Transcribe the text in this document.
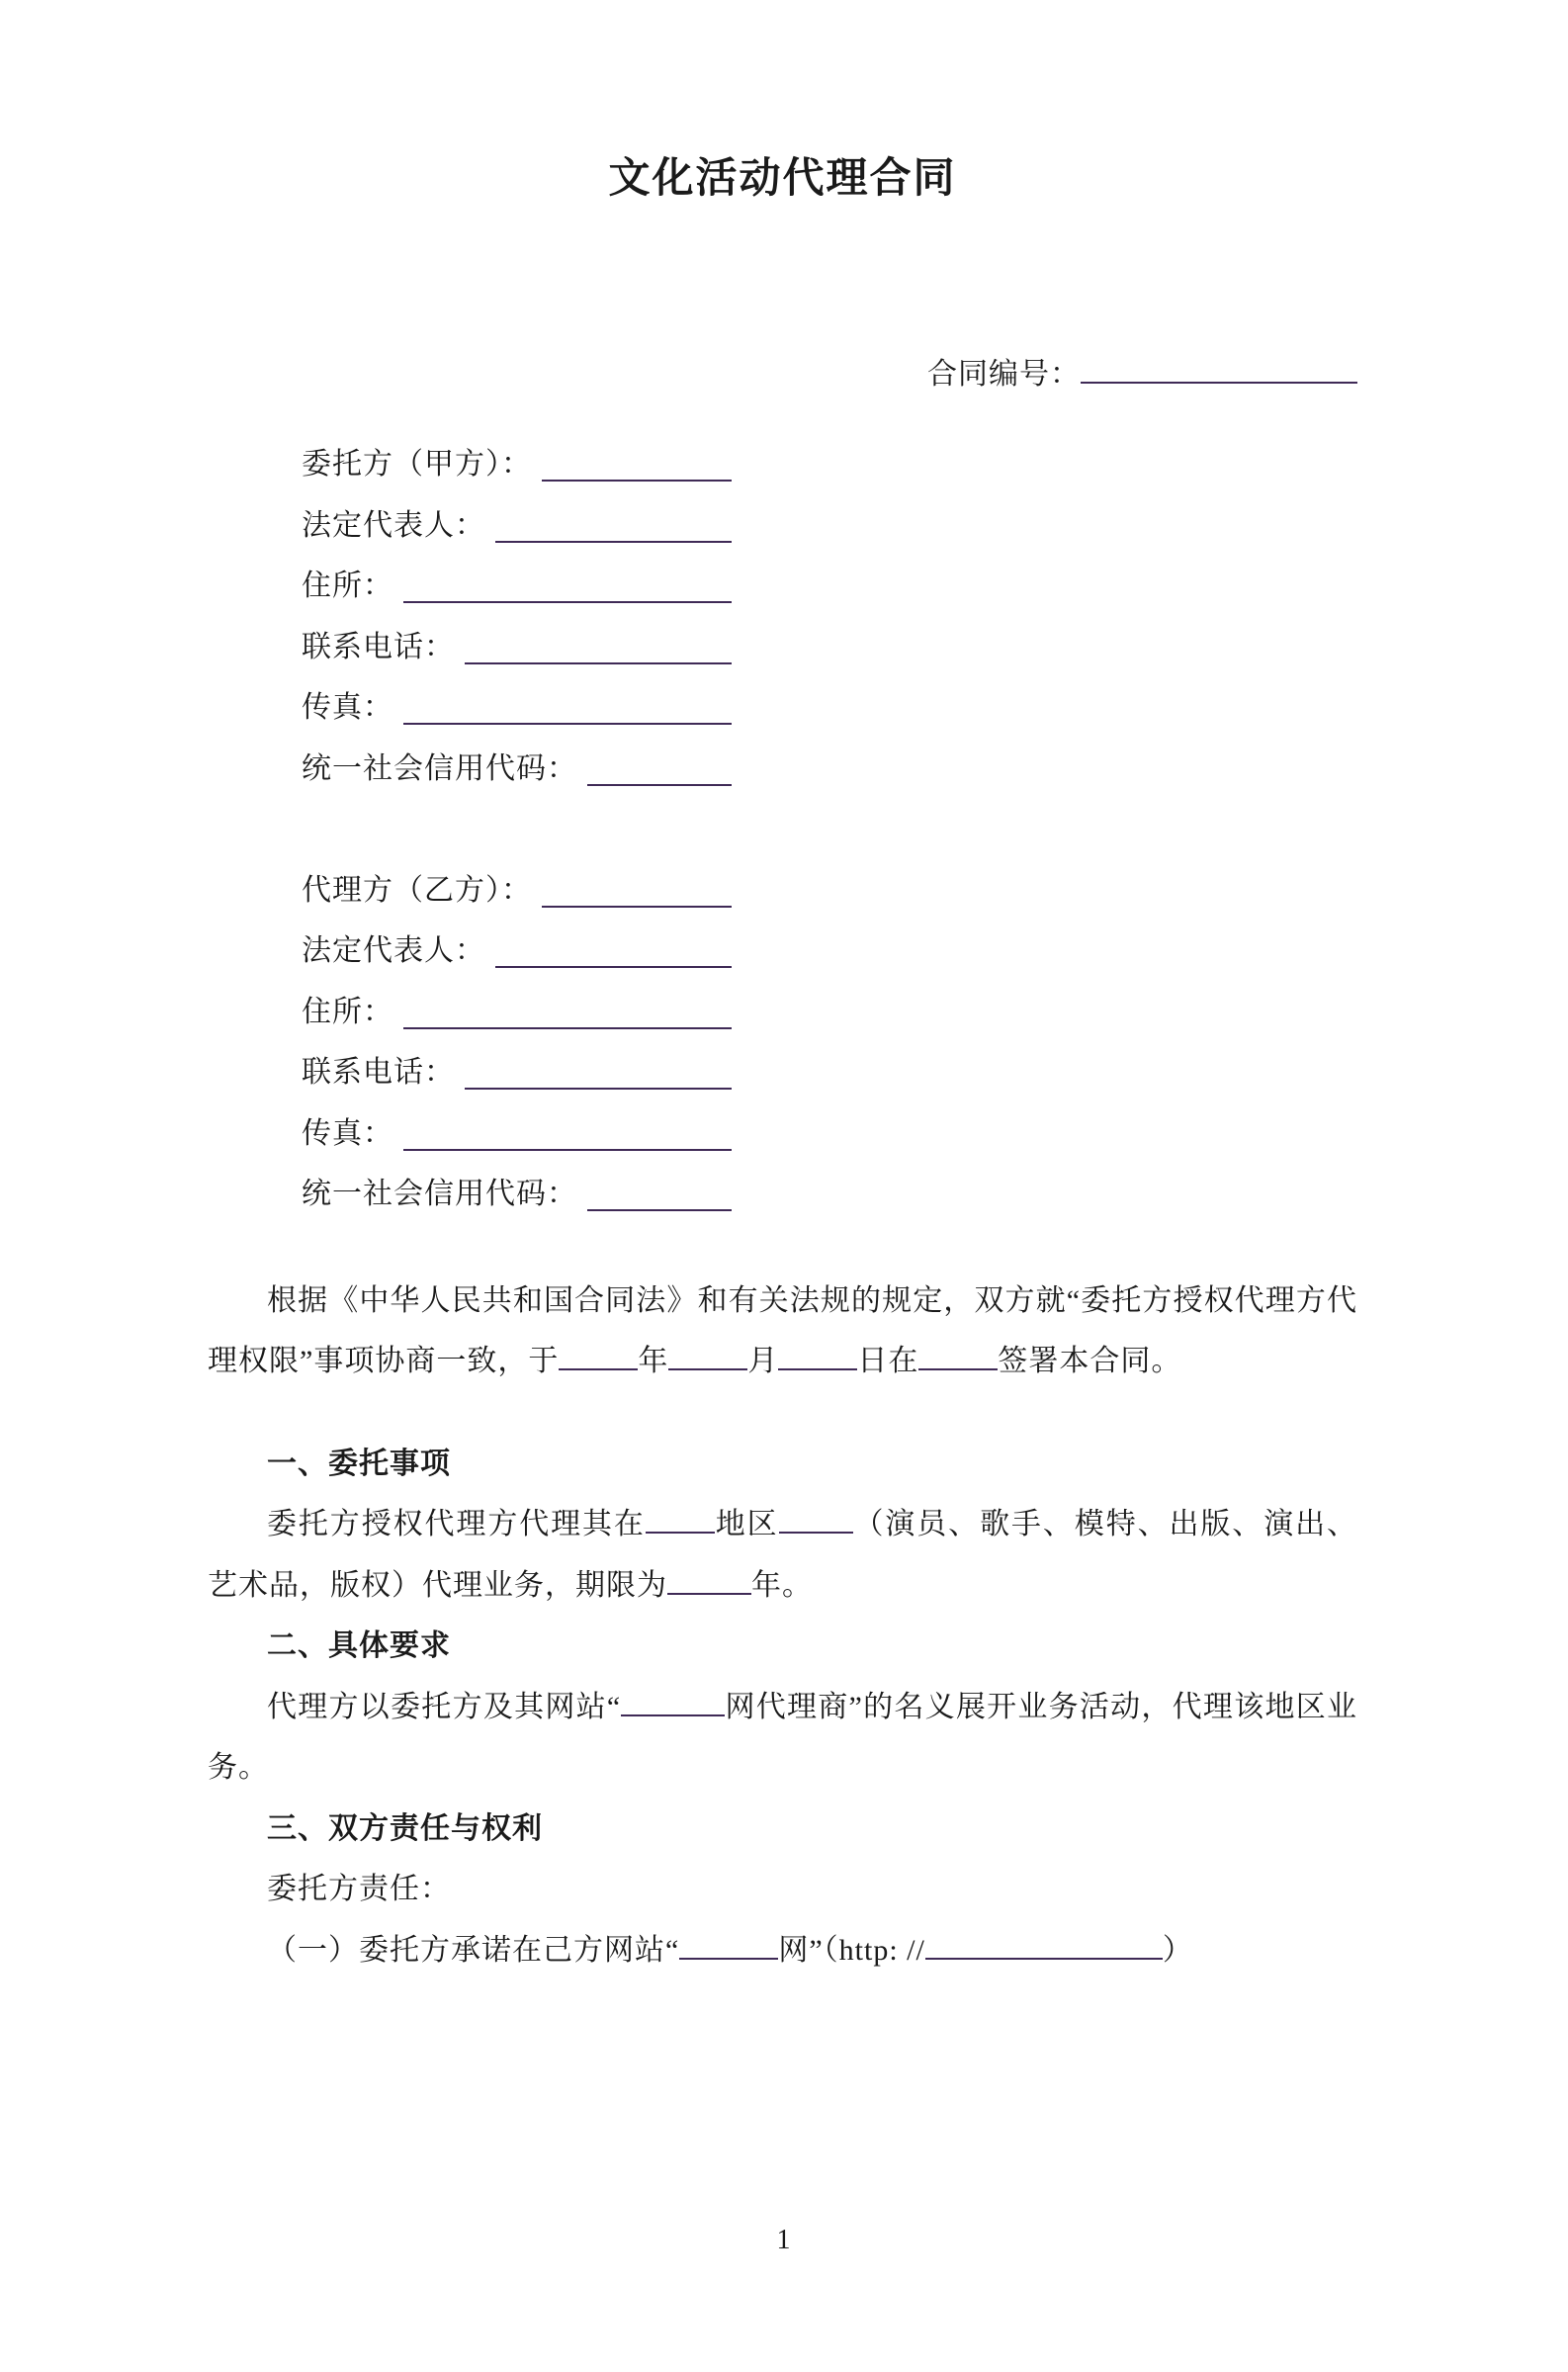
文化活动代理合同
合同编号：
委托方（甲方）：
法定代表人：
住所：
联系电话：
传真：
统一社会信用代码：
代理方（乙方）：
法定代表人：
住所：
联系电话：
传真：
统一社会信用代码：

根据《中华人民共和国合同法》和有关法规的规定，双方就“委托方授权代理方代理权限”事项协商一致，于	年	月	日在	签署本合同。

一、委托事项

委托方授权代理方代理其在 地区	（演员、歌手、模特、出版、演出、艺术品，版权）代理业务，期限为	年。

二、具体要求

代理方以委托方及其网站“	网代理商”的名义展开业务活动，代理该地区业务。

三、双方责任与权利

委托方责任：

（一）委托方承诺在己方网站“	网”（http: //	）

1
